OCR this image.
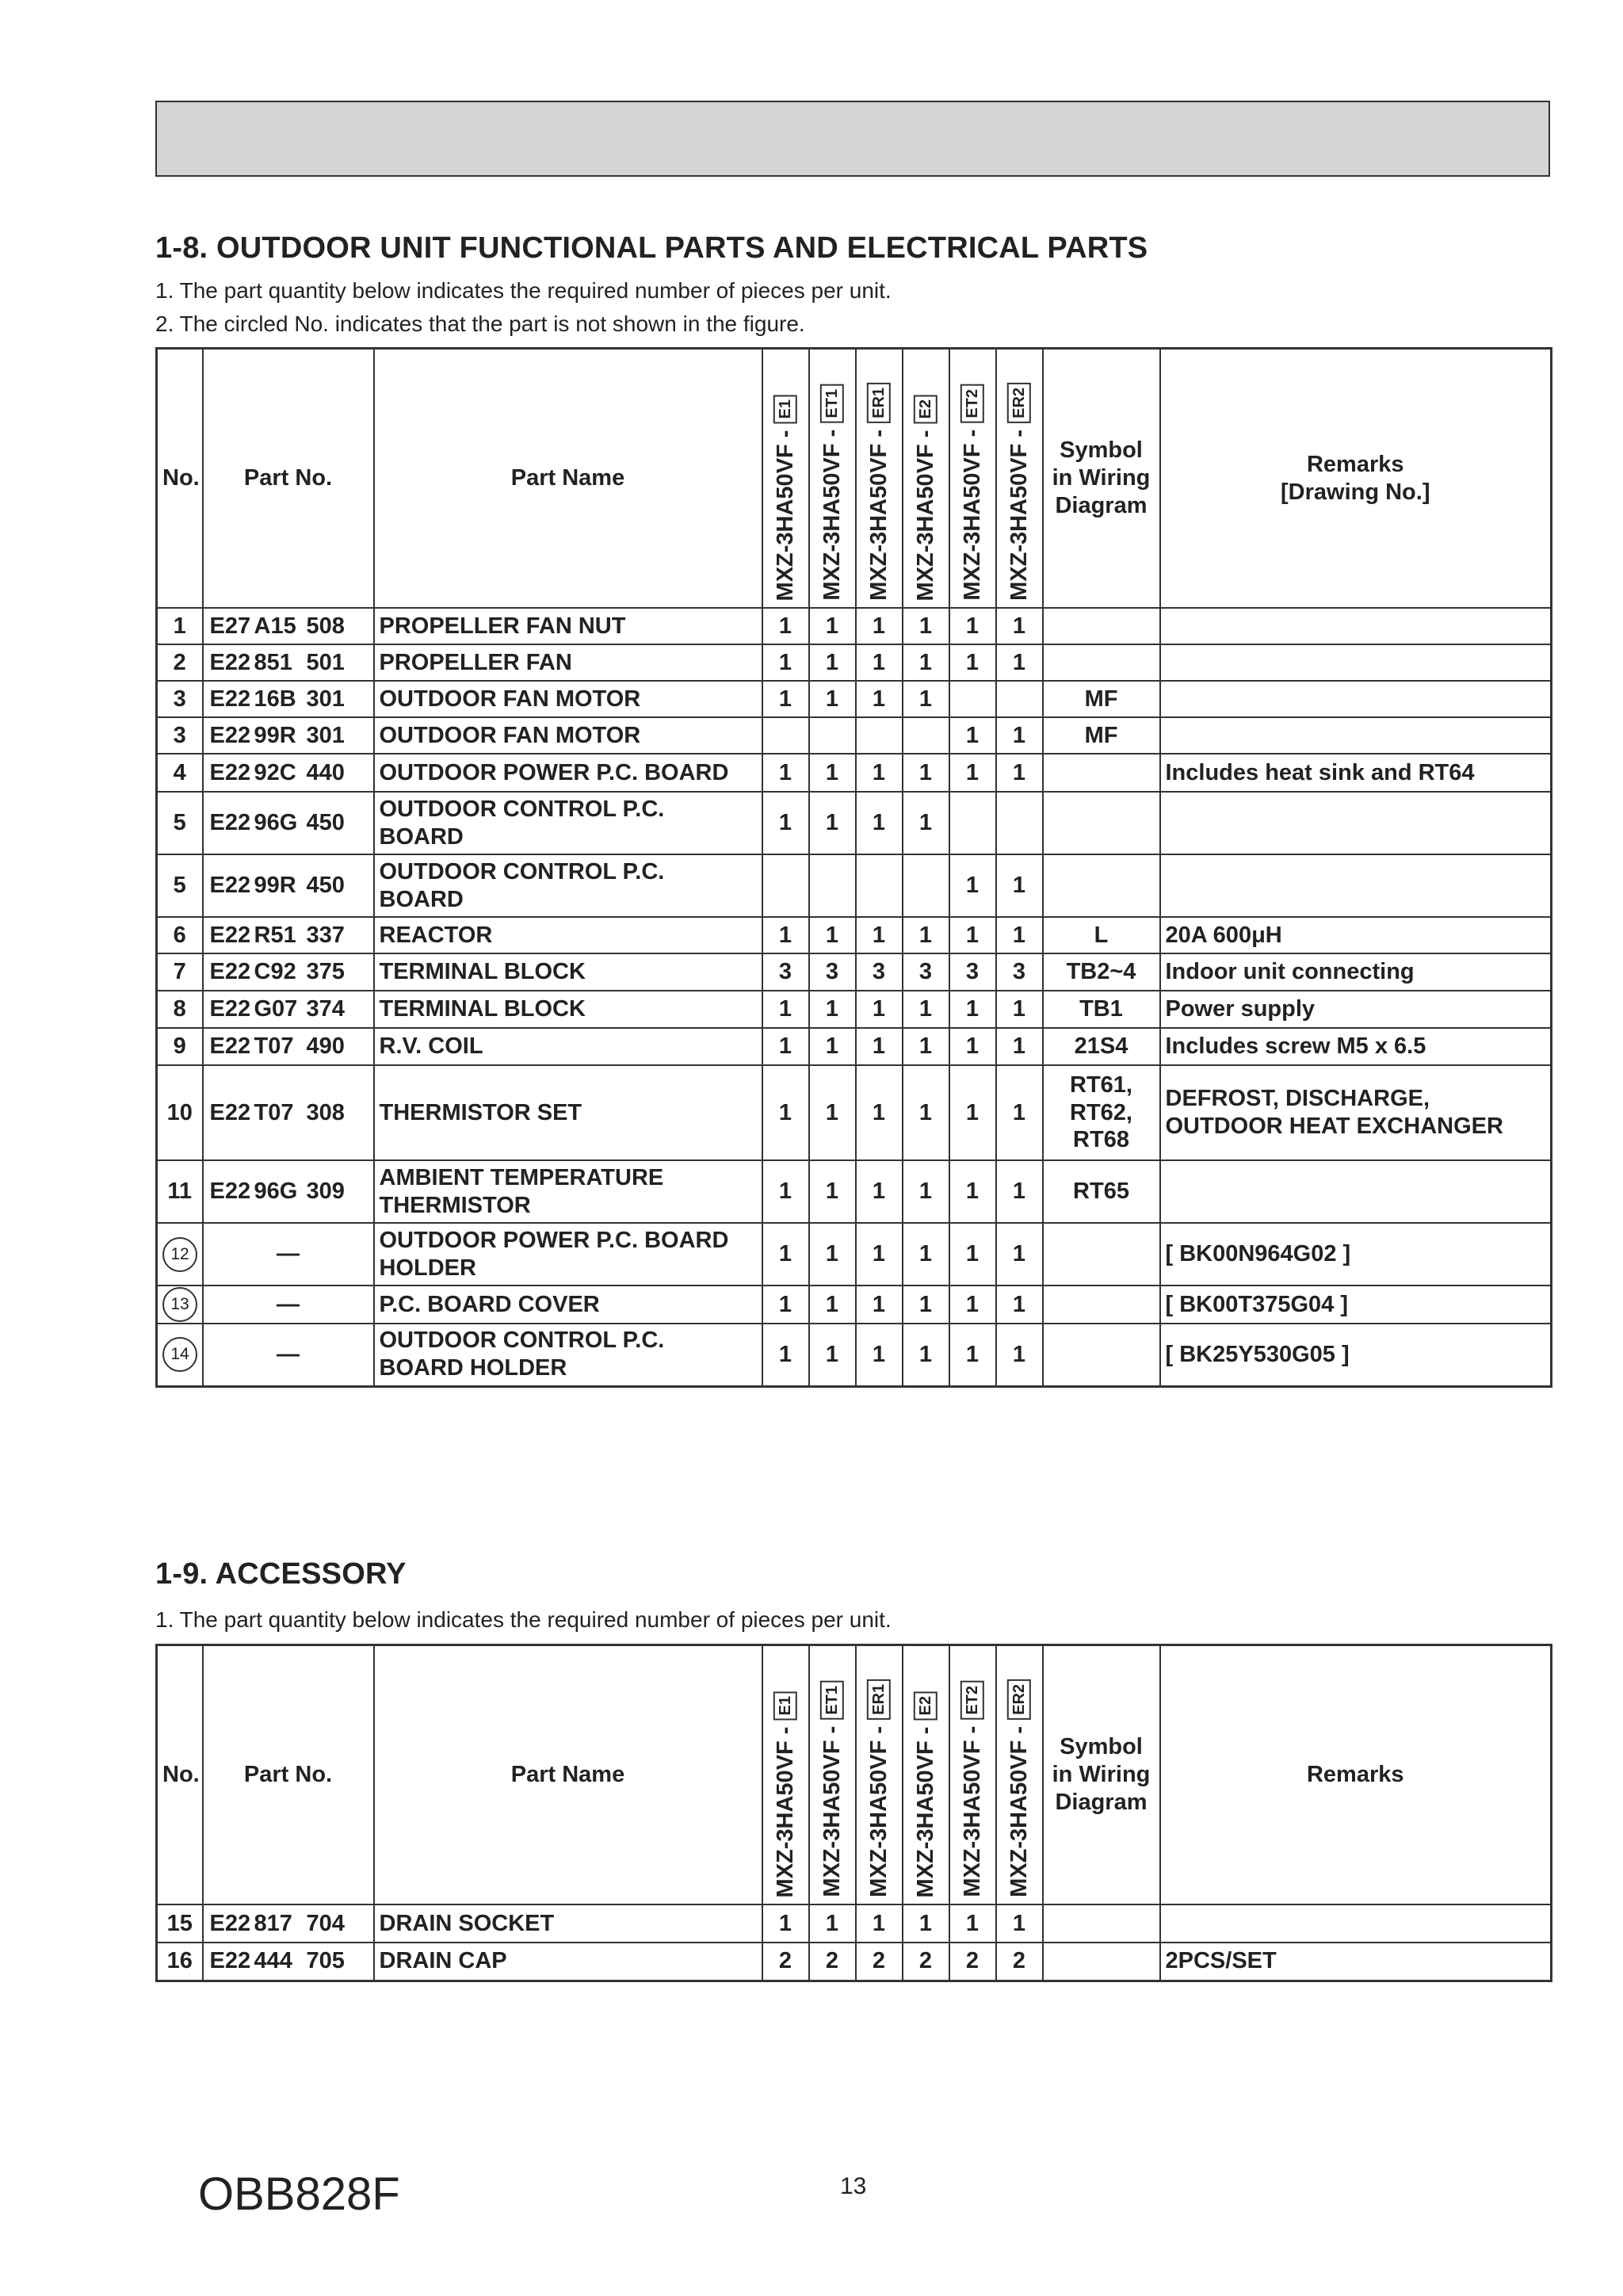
1-8. OUTDOOR UNIT FUNCTIONAL PARTS AND ELECTRICAL PARTS
1. The part quantity below indicates the required number of pieces per unit.
2. The circled No. indicates that the part is not shown in the figure.
No.	Part No.	Part Name	MXZ-3HA50VF - E1	MXZ-3HA50VF - ET1	MXZ-3HA50VF - ER1	MXZ-3HA50VF - E2	MXZ-3HA50VF - ET2	MXZ-3HA50VF - ER2	Symbol
in Wiring
Diagram	Remarks
[Drawing No.]
1	E27 A15 508	PROPELLER FAN NUT	1	1	1	1	1	1		
2	E22 851 501	PROPELLER FAN	1	1	1	1	1	1		
3	E22 16B 301	OUTDOOR FAN MOTOR	1	1	1	1			MF	
3	E22 99R 301	OUTDOOR FAN MOTOR					1	1	MF	
4	E22 92C 440	OUTDOOR POWER P.C. BOARD	1	1	1	1	1	1		Includes heat sink and RT64
5	E22 96G 450	OUTDOOR CONTROL P.C.
BOARD	1	1	1	1				
5	E22 99R 450	OUTDOOR CONTROL P.C.
BOARD					1	1		
6	E22 R51 337	REACTOR	1	1	1	1	1	1	L	20A 600μH
7	E22 C92 375	TERMINAL BLOCK	3	3	3	3	3	3	TB2~4	Indoor unit connecting
8	E22 G07 374	TERMINAL BLOCK	1	1	1	1	1	1	TB1	Power supply
9	E22 T07 490	R.V. COIL	1	1	1	1	1	1	21S4	Includes screw M5 x 6.5
10	E22 T07 308	THERMISTOR SET	1	1	1	1	1	1	RT61,
RT62,
RT68	DEFROST, DISCHARGE,
OUTDOOR HEAT EXCHANGER
11	E22 96G 309	AMBIENT TEMPERATURE
THERMISTOR	1	1	1	1	1	1	RT65	
12	—	OUTDOOR POWER P.C. BOARD
HOLDER	1	1	1	1	1	1		[ BK00N964G02 ]
13	—	P.C. BOARD COVER	1	1	1	1	1	1		[ BK00T375G04 ]
14	—	OUTDOOR CONTROL P.C.
BOARD HOLDER	1	1	1	1	1	1		[ BK25Y530G05 ]
1-9. ACCESSORY
1. The part quantity below indicates the required number of pieces per unit.
No.	Part No.	Part Name	MXZ-3HA50VF - E1	MXZ-3HA50VF - ET1	MXZ-3HA50VF - ER1	MXZ-3HA50VF - E2	MXZ-3HA50VF - ET2	MXZ-3HA50VF - ER2	Symbol
in Wiring
Diagram	Remarks
15	E22 817 704	DRAIN SOCKET	1	1	1	1	1	1		
16	E22 444 705	DRAIN CAP	2	2	2	2	2	2		2PCS/SET
OBB828F	13
